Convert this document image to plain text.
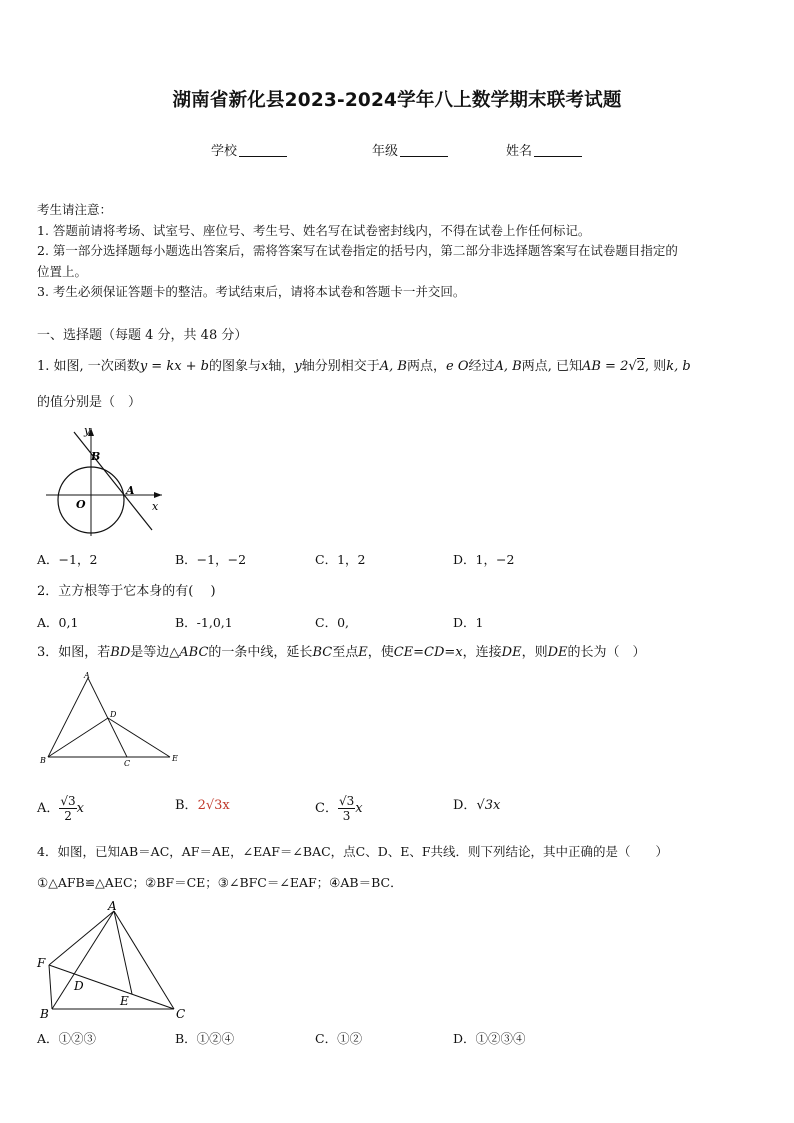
湖南省新化县2023-2024学年八上数学期末联考试题
学校	年级	姓名
考生请注意：
1. 答题前请将考场、试室号、座位号、考生号、姓名写在试卷密封线内，不得在试卷上作任何标记。
2. 第一部分选择题每小题选出答案后，需将答案写在试卷指定的括号内，第二部分非选择题答案写在试卷题目指定的
位置上。
3. 考生必须保证答题卡的整洁。考试结束后，请将本试卷和答题卡一并交回。
一、选择题（每题 4 分，共 48 分）
1. 如图, 一次函数y = kx + b的图象与x轴，y轴分别相交于A, B两点，e O经过A, B两点, 已知AB = 2√2, 则k, b
的值分别是（　）
y
B
O
A
x
A．−1，2	B．−1，−2	C．1，2	D．1，−2
2．立方根等于它本身的有(　 )
A．0,1	B．-1,0,1	C．0,	D．1
3．如图，若BD是等边△ABC的一条中线，延长BC至点E，使CE=CD=x，连接DE，则DE的长为（　）
A
D
B	C
E
A． $\frac{√3}{2}$ x	B．2√3x	C． $\frac{√3}{3}$ x	D．√3x
4．如图，已知AB＝AC，AF＝AE，∠EAF＝∠BAC，点C、D、E、F共线．则下列结论，其中正确的是（　　）
①△AFB≌△AEC；②BF＝CE；③∠BFC＝∠EAF；④AB＝BC．
A
F
D
E
B	C
A．①②③	B．①②④	C．①②	D．①②③④
